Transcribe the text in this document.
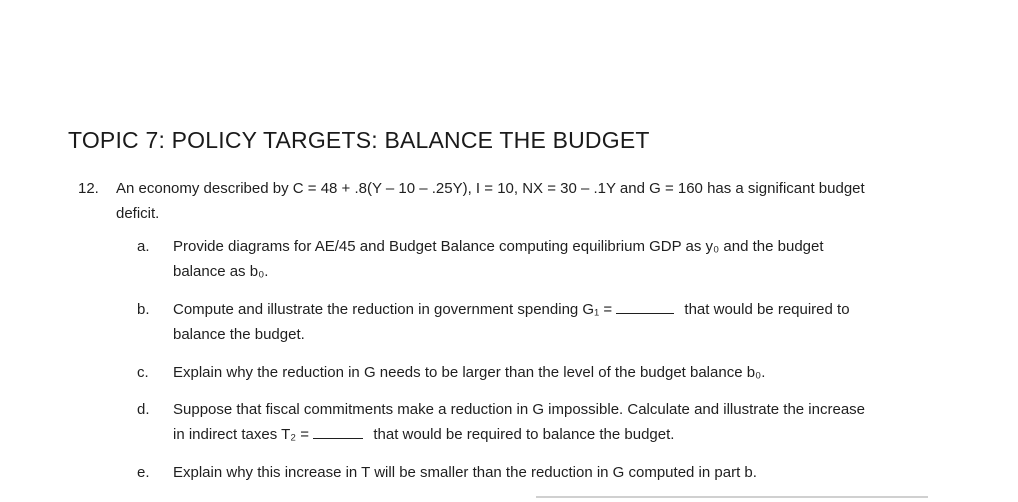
TOPIC 7: POLICY TARGETS: BALANCE THE BUDGET
12. An economy described by C = 48 + .8(Y – 10 – .25Y), I = 10, NX = 30 – .1Y and G = 160 has a significant budget
deficit.
a. Provide diagrams for AE/45 and Budget Balance computing equilibrium GDP as y₀ and the budget
balance as b₀.
b. Compute and illustrate the reduction in government spending G₁ =	that would be required to
balance the budget.
c. Explain why the reduction in G needs to be larger than the level of the budget balance b₀.
d. Suppose that fiscal commitments make a reduction in G impossible. Calculate and illustrate the increase
in indirect taxes T₂ =	that would be required to balance the budget.
e. Explain why this increase in T will be smaller than the reduction in G computed in part b.
